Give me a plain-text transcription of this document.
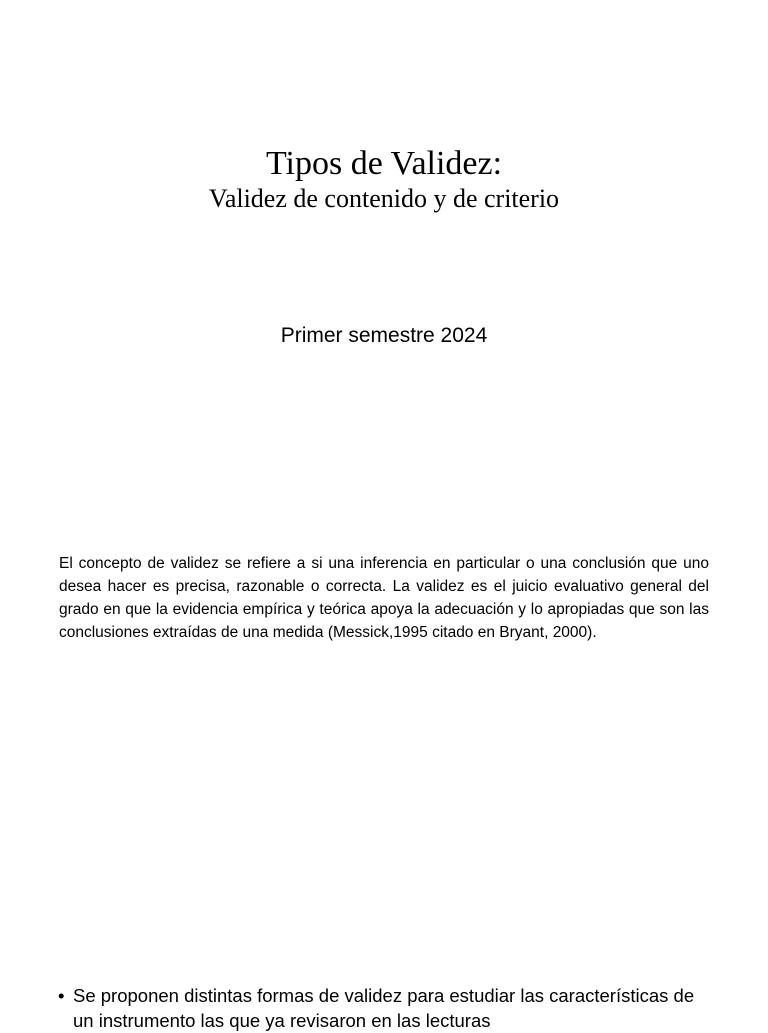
Tipos de Validez:
Validez de contenido y de criterio
Primer semestre 2024

El concepto de validez se refiere a si una inferencia en particular o una conclusión que uno desea hacer es precisa, razonable o correcta. La validez es el juicio evaluativo general del grado en que la evidencia empírica y teórica apoya la adecuación y lo apropiadas que son las conclusiones extraídas de una medida (Messick,1995 citado en Bryant, 2000).

• Se proponen distintas formas de validez para estudiar las características de un instrumento las que ya revisaron en las lecturas
